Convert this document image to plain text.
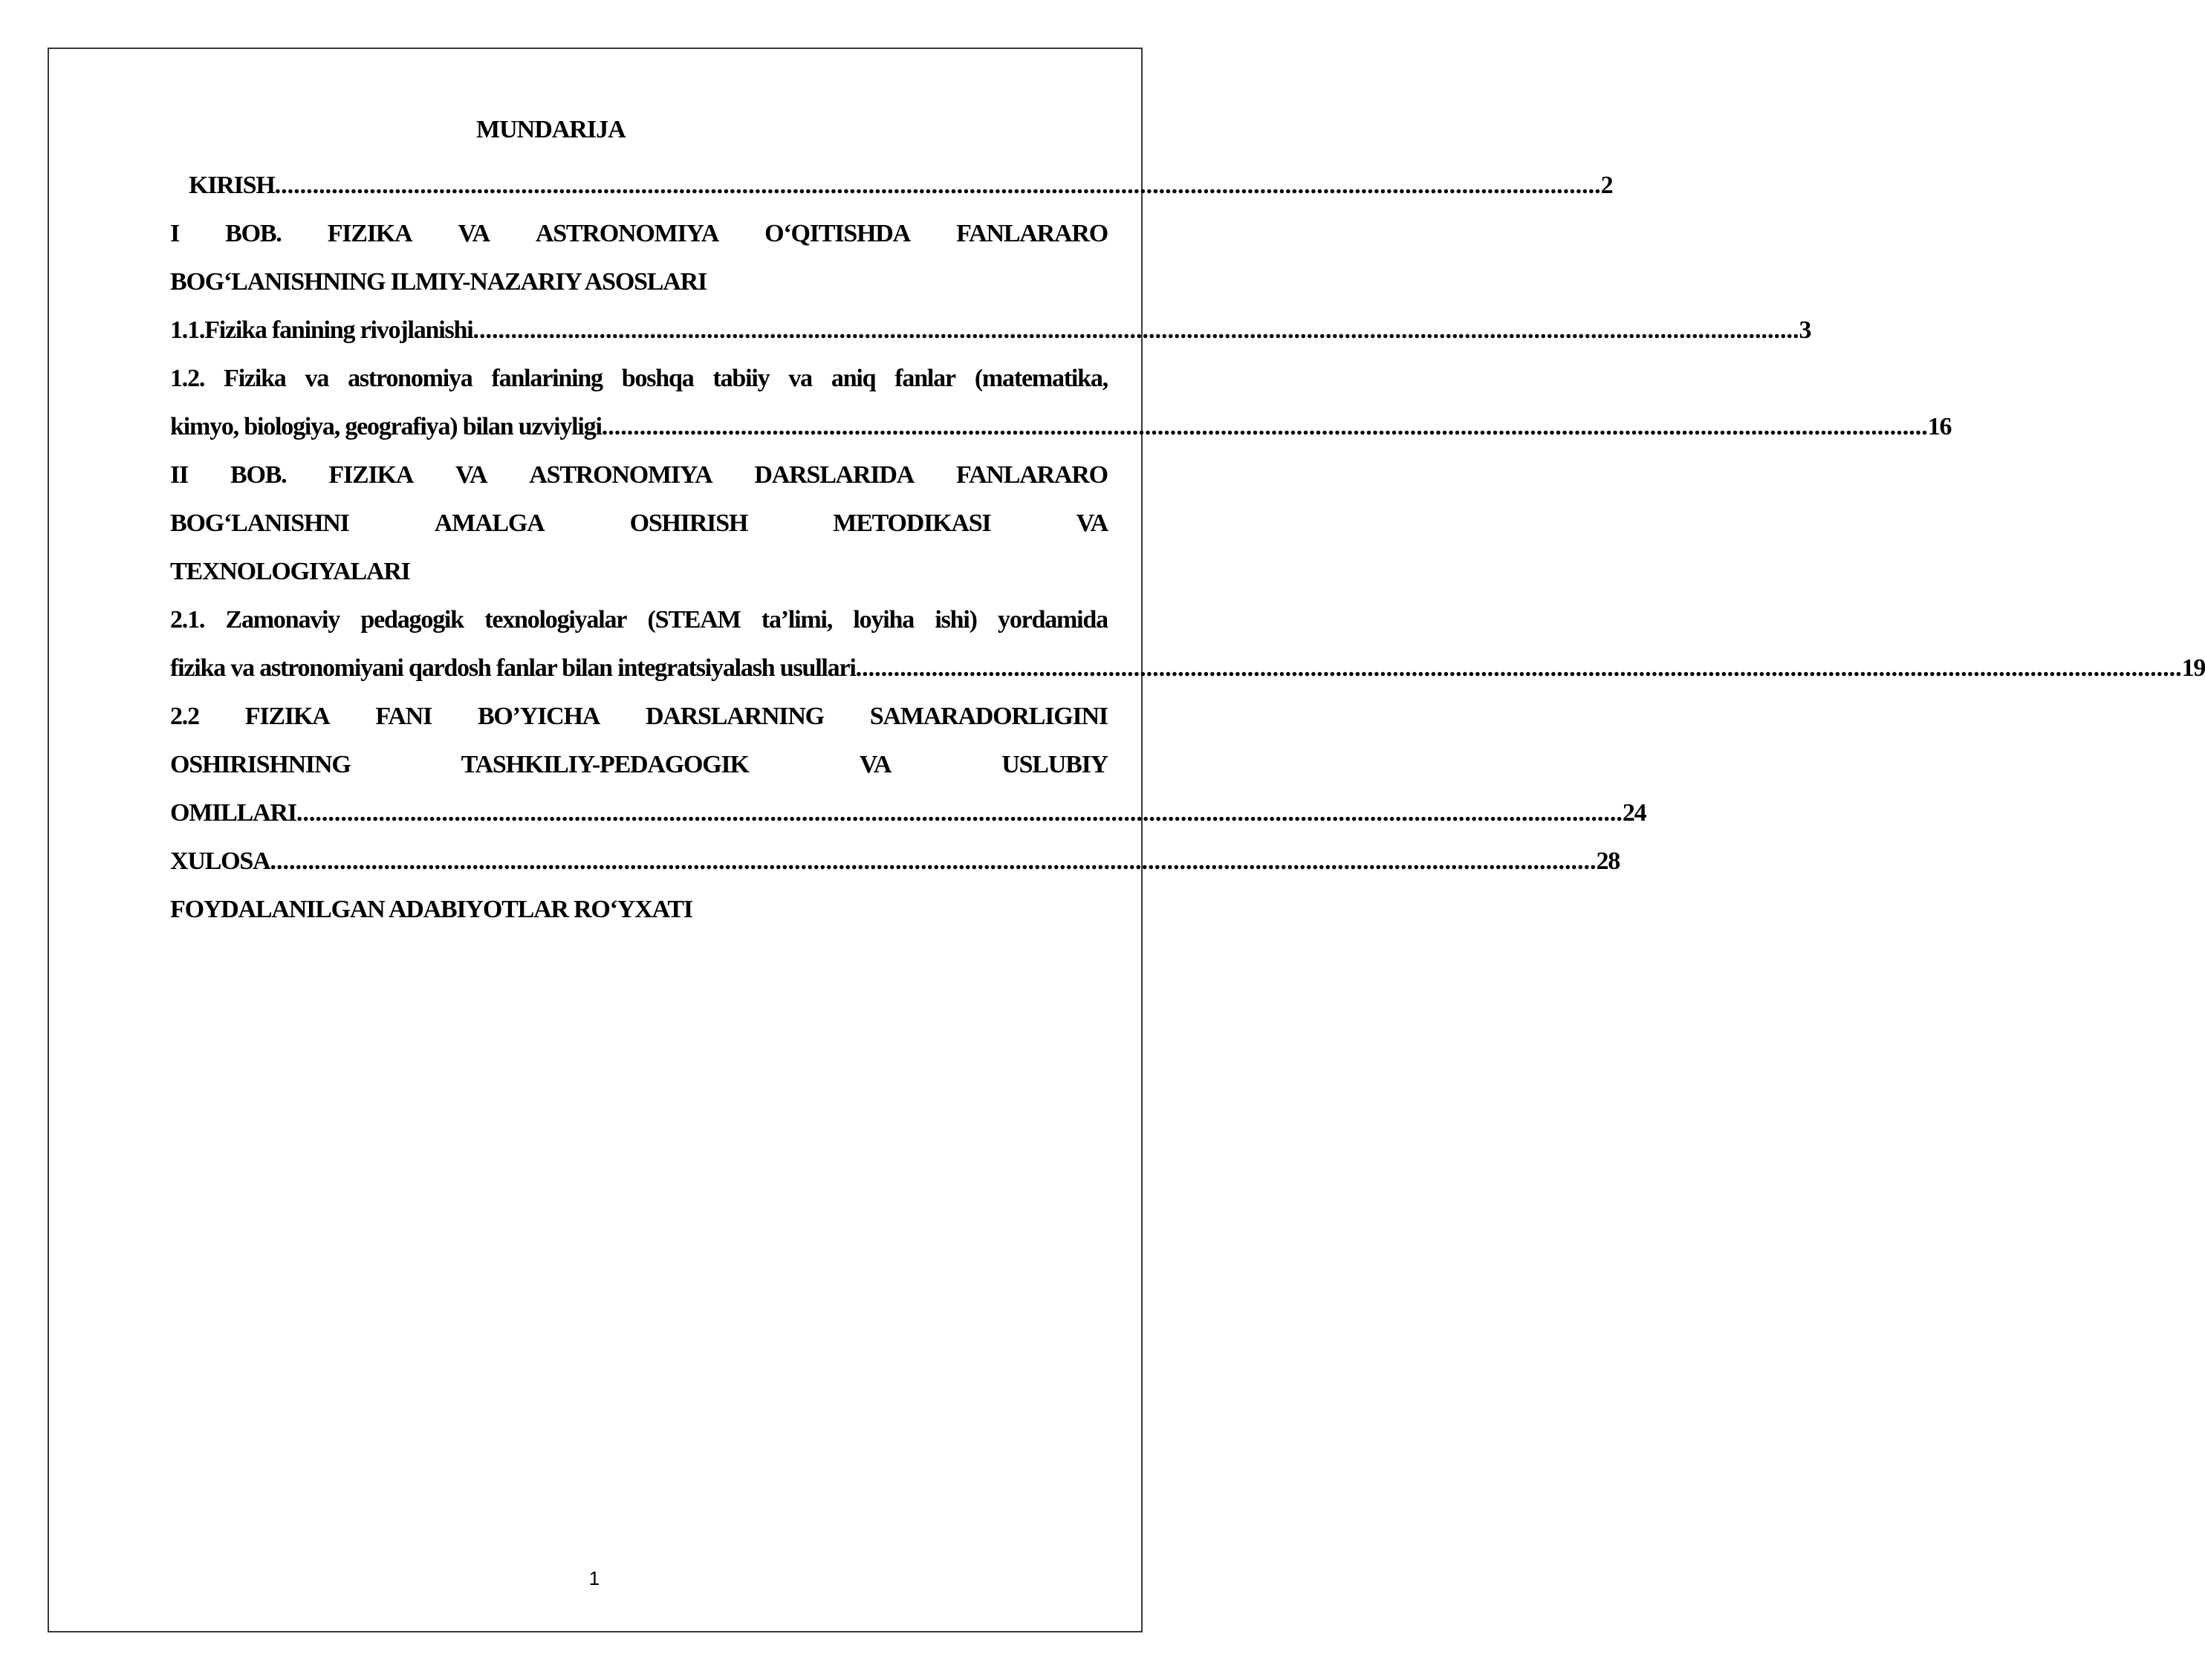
MUNDARIJA
KIRISH .................................................................................................................................................................................................................. 2
I BOB. FIZIKA VA ASTRONOMIYA O‘QITISHDA FANLARARO
BOG‘LANISHNING ILMIY-NAZARIY ASOSLARI
1.1.Fizika fanining rivojlanishi .................................................................................................................................................................................................................. 3
1.2. Fizika va astronomiya fanlarining boshqa tabiiy va aniq fanlar (matematika,
kimyo, biologiya, geografiya) bilan uzviyligi .................................................................................................................................................................................................................. 16
II BOB. FIZIKA VA ASTRONOMIYA DARSLARIDA FANLARARO
BOG‘LANISHNI	AMALGA	OSHIRISH	METODIKASI	VA
TEXNOLOGIYALARI
2.1. Zamonaviy pedagogik texnologiyalar (STEAM ta’limi, loyiha ishi) yordamida
fizika va astronomiyani qardosh fanlar bilan integratsiyalash usullari .................................................................................................................................................................................................................. 19
2.2 FIZIKA FANI BO’YICHA DARSLARNING SAMARADORLIGINI
OSHIRISHNING	TASHKILIY-PEDAGOGIK	VA	USLUBIY
OMILLARI .................................................................................................................................................................................................................. 24
XULOSA .................................................................................................................................................................................................................. 28
FOYDALANILGAN ADABIYOTLAR RO‘YXATI
1
